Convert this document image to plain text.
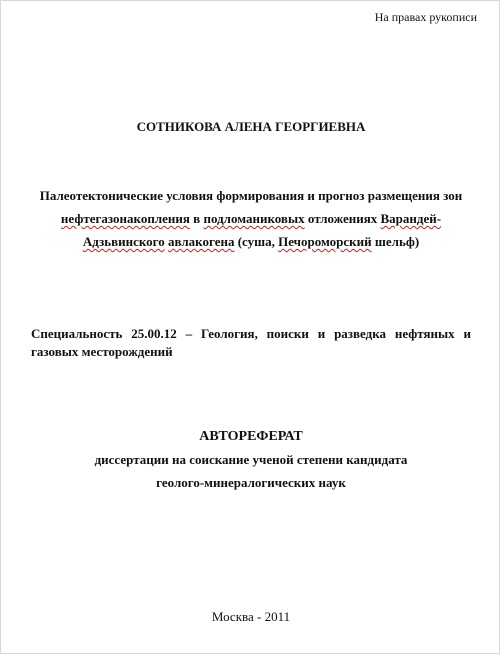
На правах рукописи
СОТНИКОВА АЛЕНА ГЕОРГИЕВНА
Палеотектонические условия формирования и прогноз размещения зон
нефтегазонакопления в подломаниковых отложениях Варандей-
Адзьвинского авлакогена (суша, Печороморский шельф)
Специальность 25.00.12 – Геология, поиски и разведка нефтяных и газовых месторождений
АВТОРЕФЕРАТ
диссертации на соискание ученой степени кандидата
геолого-минералогических наук
Москва - 2011
